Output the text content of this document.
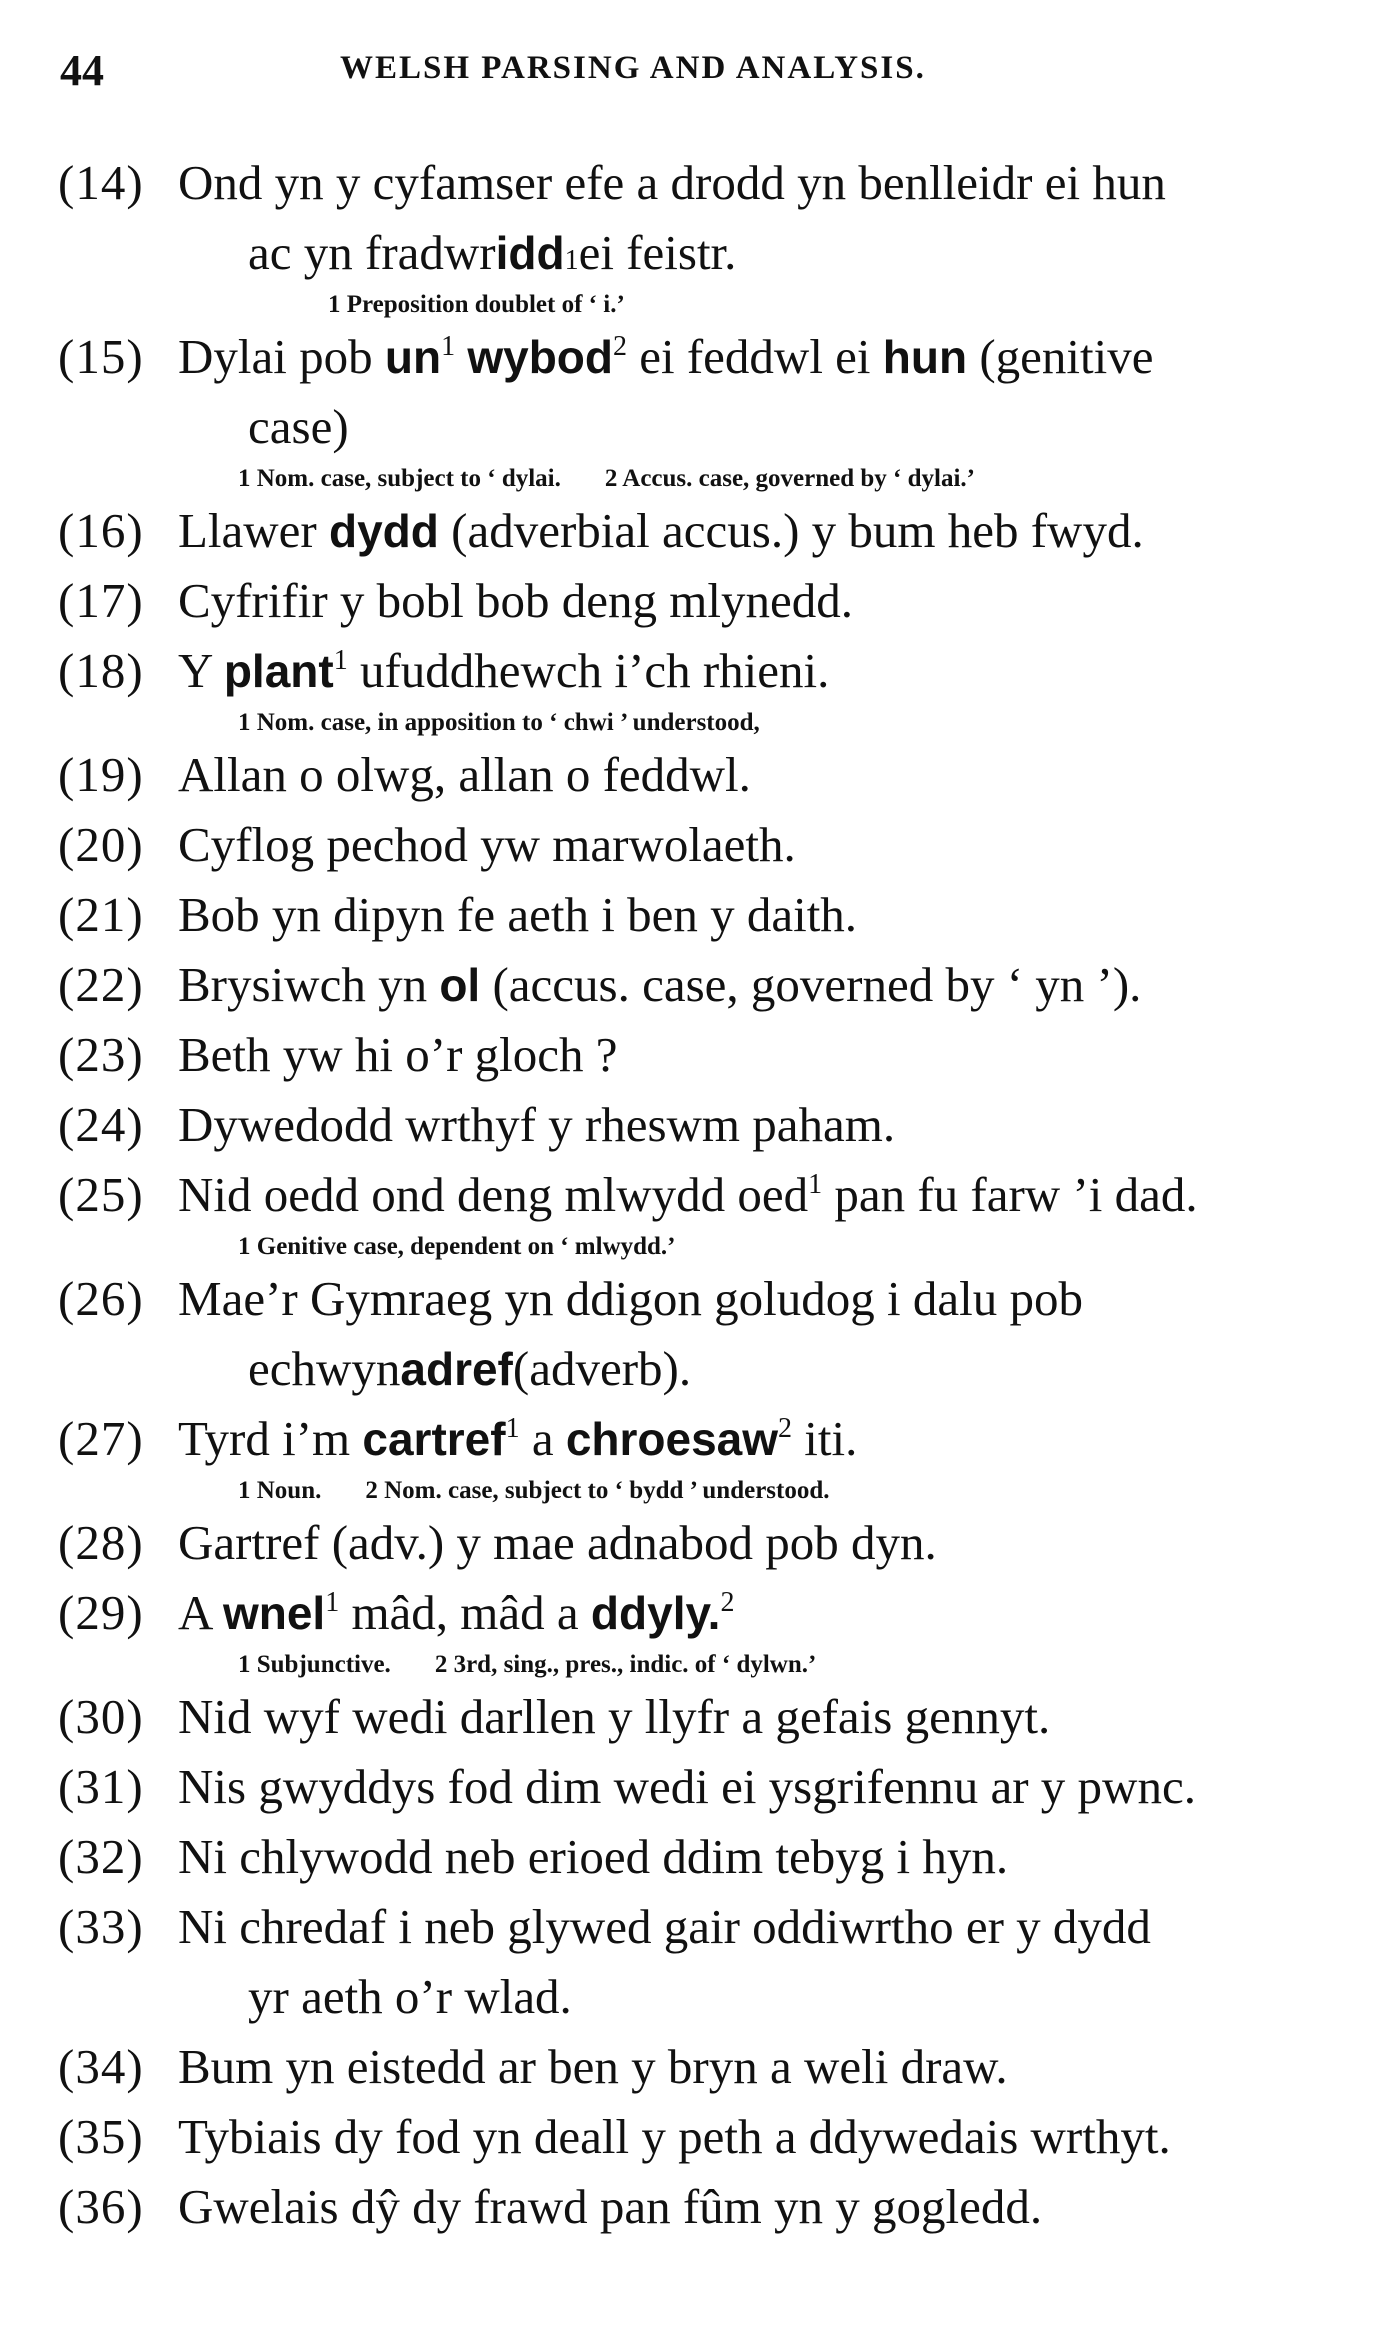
44	WELSH PARSING AND ANALYSIS.
(14) Ond yn y cyfamser efe a drodd yn benlleidr ei hun
ac yn fradwr idd 1 ei feistr.
1 Preposition doublet of ‘ i.’
(15) Dylai pob $un^1$ wybod$^2$ ei feddwl ei hun (genitive
case)
1 Nom. case, subject to ‘ dylai. 2 Accus. case, governed by ‘ dylai.’
(16) Llawer dydd (adverbial accus.) y bum heb fwyd.
(17) Cyfrifir y bobl bob deng mlynedd.
(18) Y plant$^1$ ufuddhewch i’ch rhieni.
1 Nom. case, in apposition to ‘ chwi ’ understood,
(19) Allan o olwg, allan o feddwl.
(20) Cyflog pechod yw marwolaeth.
(21) Bob yn dipyn fe aeth i ben y daith.
(22) Brysiwch yn ol (accus. case, governed by ‘ yn ’).
(23) Beth yw hi o’r gloch ?
(24) Dywedodd wrthyf y rheswm paham.
(25) Nid oedd ond deng mlwydd oed$^1$ pan fu farw ’i dad.
1 Genitive case, dependent on ‘ mlwydd.’
(26) Mae’r Gymraeg yn ddigon goludog i dalu pob
echwyn adref (adverb).
(27) Tyrd i’m cartref$^1$ a chroesaw$^2$ iti.
1 Noun. 2 Nom. case, subject to ‘ bydd ’ understood.
(28) Gartref (adv.) y mae adnabod pob dyn.
(29) A wnel$^1$ mâd, mâd a ddyly.$^2$
1 Subjunctive. 2 3rd, sing., pres., indic. of ‘ dylwn.’
(30) Nid wyf wedi darllen y llyfr a gefais gennyt.
(31) Nis gwyddys fod dim wedi ei ysgrifennu ar y pwnc.
(32) Ni chlywodd neb erioed ddim tebyg i hyn.
(33) Ni chredaf i neb glywed gair oddiwrtho er y dydd
yr aeth o’r wlad.
(34) Bum yn eistedd ar ben y bryn a weli draw.
(35) Tybiais dy fod yn deall y peth a ddywedais wrthyt.
(36) Gwelais dŷ dy frawd pan fûm yn y gogledd.
